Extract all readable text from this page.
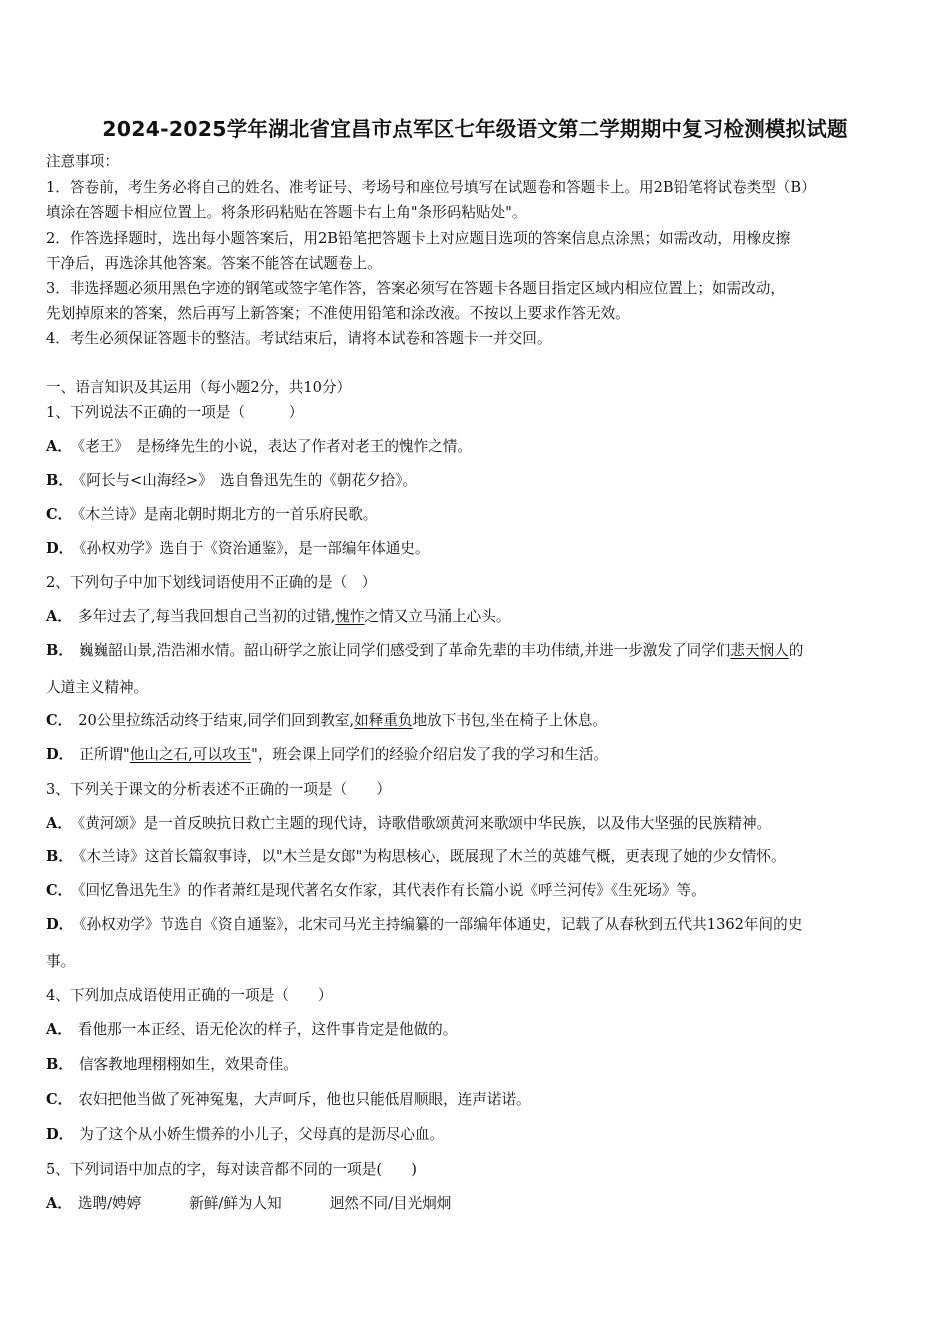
2024-2025学年湖北省宜昌市点军区七年级语文第二学期期中复习检测模拟试题
注意事项：
1．答卷前，考生务必将自己的姓名、准考证号、考场号和座位号填写在试题卷和答题卡上。用2B铅笔将试卷类型（B）
填涂在答题卡相应位置上。将条形码粘贴在答题卡右上角"条形码粘贴处"。
2．作答选择题时，选出每小题答案后，用2B铅笔把答题卡上对应题目选项的答案信息点涂黑；如需改动，用橡皮擦
干净后，再选涂其他答案。答案不能答在试题卷上。
3．非选择题必须用黑色字迹的钢笔或签字笔作答，答案必须写在答题卡各题目指定区域内相应位置上；如需改动，
先划掉原来的答案，然后再写上新答案；不准使用铅笔和涂改液。不按以上要求作答无效。
4．考生必须保证答题卡的整洁。考试结束后，请将本试卷和答题卡一并交回。
一、语言知识及其运用（每小题2分，共10分）
1、下列说法不正确的一项是（　　　）
A． 《老王》　是杨绛先生的小说，表达了作者对老王的愧怍之情。
B． 《阿长与<山海经>》　选自鲁迅先生的《朝花夕拾》。
C． 《木兰诗》是南北朝时期北方的一首乐府民歌。
D． 《孙权劝学》选自于《资治通鉴》，是一部编年体通史。
2、下列句子中加下划线词语使用不正确的是（　）
A． 多年过去了,每当我回想自己当初的过错,愧怍之情又立马涌上心头。
B． 巍巍韶山景,浩浩湘水情。韶山研学之旅让同学们感受到了革命先辈的丰功伟绩,并进一步激发了同学们悲天悯人的
人道主义精神。
C． 20公里拉练活动终于结束,同学们回到教室,如释重负地放下书包,坐在椅子上休息。
D． 正所谓"他山之石,可以攻玉"，班会课上同学们的经验介绍启发了我的学习和生活。
3、下列关于课文的分析表述不正确的一项是（　　）
A． 《黄河颂》是一首反映抗日救亡主题的现代诗，诗歌借歌颂黄河来歌颂中华民族，以及伟大坚强的民族精神。
B． 《木兰诗》这首长篇叙事诗，以"木兰是女郎"为构思核心，既展现了木兰的英雄气概，更表现了她的少女情怀。
C． 《回忆鲁迅先生》的作者萧红是现代著名女作家，其代表作有长篇小说《呼兰河传》《生死场》等。
D． 《孙权劝学》节选自《资自通鉴》，北宋司马光主持编纂的一部编年体通史，记载了从春秋到五代共1362年间的史
事。
4、下列加点成语使用正确的一项是（　　）
A． 看他那一本正经、语无伦次的样子，这件事肯定是他做的。
B． 信客教地理栩栩如生，效果奇佳。
C． 农妇把他当做了死神冤鬼，大声呵斥，他也只能低眉顺眼，连声诺诺。
D． 为了这个从小娇生惯养的小儿子，父母真的是沥尽心血。
5、下列词语中加点的字，每对读音都不同的一项是(　　)
A． 选聘/娉婷	新鲜/鲜为人知	迥然不同/目光炯炯
